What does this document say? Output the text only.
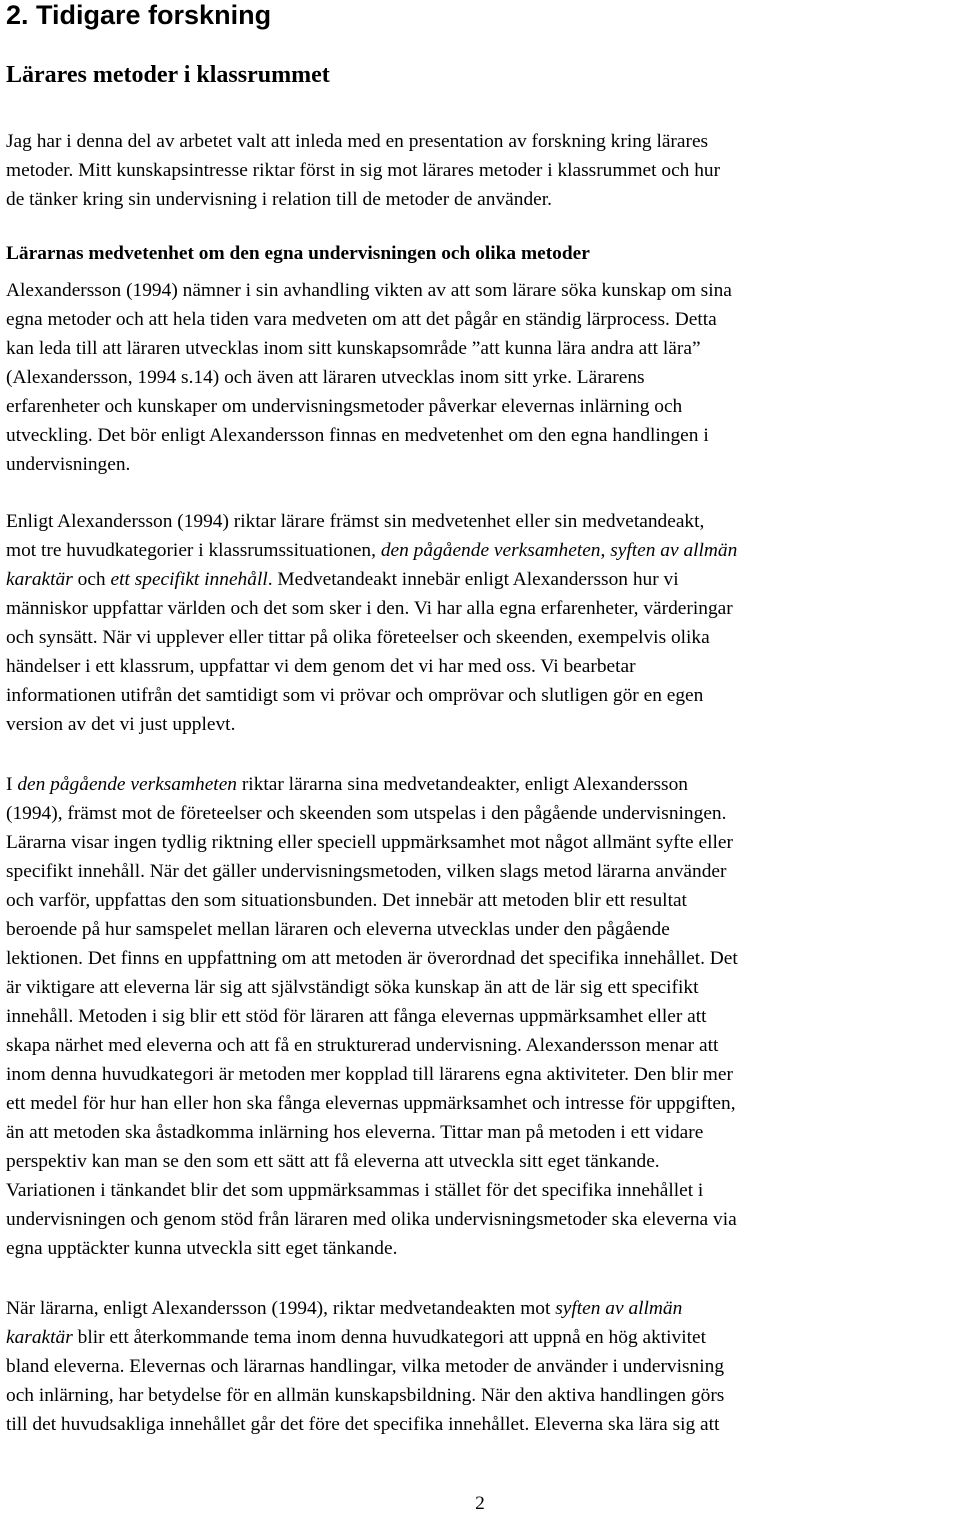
2. Tidigare forskning
Lärares metoder i klassrummet
Jag har i denna del av arbetet valt att inleda med en presentation av forskning kring lärares
metoder. Mitt kunskapsintresse riktar först in sig mot lärares metoder i klassrummet och hur
de tänker kring sin undervisning i relation till de metoder de använder.
Lärarnas medvetenhet om den egna undervisningen och olika metoder
Alexandersson (1994) nämner i sin avhandling vikten av att som lärare söka kunskap om sina
egna metoder och att hela tiden vara medveten om att det pågår en ständig lärprocess. Detta
kan leda till att läraren utvecklas inom sitt kunskapsområde ”att kunna lära andra att lära”
(Alexandersson, 1994 s.14) och även att läraren utvecklas inom sitt yrke. Lärarens
erfarenheter och kunskaper om undervisningsmetoder påverkar elevernas inlärning och
utveckling. Det bör enligt Alexandersson finnas en medvetenhet om den egna handlingen i
undervisningen.
Enligt Alexandersson (1994) riktar lärare främst sin medvetenhet eller sin medvetandeakt,
mot tre huvudkategorier i klassrumssituationen, den pågående verksamheten, syften av allmän
karaktär och ett specifikt innehåll. Medvetandeakt innebär enligt Alexandersson hur vi
människor uppfattar världen och det som sker i den. Vi har alla egna erfarenheter, värderingar
och synsätt. När vi upplever eller tittar på olika företeelser och skeenden, exempelvis olika
händelser i ett klassrum, uppfattar vi dem genom det vi har med oss. Vi bearbetar
informationen utifrån det samtidigt som vi prövar och omprövar och slutligen gör en egen
version av det vi just upplevt.
I den pågående verksamheten riktar lärarna sina medvetandeakter, enligt Alexandersson
(1994), främst mot de företeelser och skeenden som utspelas i den pågående undervisningen.
Lärarna visar ingen tydlig riktning eller speciell uppmärksamhet mot något allmänt syfte eller
specifikt innehåll. När det gäller undervisningsmetoden, vilken slags metod lärarna använder
och varför, uppfattas den som situationsbunden. Det innebär att metoden blir ett resultat
beroende på hur samspelet mellan läraren och eleverna utvecklas under den pågående
lektionen. Det finns en uppfattning om att metoden är överordnad det specifika innehållet. Det
är viktigare att eleverna lär sig att självständigt söka kunskap än att de lär sig ett specifikt
innehåll. Metoden i sig blir ett stöd för läraren att fånga elevernas uppmärksamhet eller att
skapa närhet med eleverna och att få en strukturerad undervisning. Alexandersson menar att
inom denna huvudkategori är metoden mer kopplad till lärarens egna aktiviteter. Den blir mer
ett medel för hur han eller hon ska fånga elevernas uppmärksamhet och intresse för uppgiften,
än att metoden ska åstadkomma inlärning hos eleverna. Tittar man på metoden i ett vidare
perspektiv kan man se den som ett sätt att få eleverna att utveckla sitt eget tänkande.
Variationen i tänkandet blir det som uppmärksammas i stället för det specifika innehållet i
undervisningen och genom stöd från läraren med olika undervisningsmetoder ska eleverna via
egna upptäckter kunna utveckla sitt eget tänkande.
När lärarna, enligt Alexandersson (1994), riktar medvetandeakten mot syften av allmän
karaktär blir ett återkommande tema inom denna huvudkategori att uppnå en hög aktivitet
bland eleverna. Elevernas och lärarnas handlingar, vilka metoder de använder i undervisning
och inlärning, har betydelse för en allmän kunskapsbildning. När den aktiva handlingen görs
till det huvudsakliga innehållet går det före det specifika innehållet. Eleverna ska lära sig att
2
